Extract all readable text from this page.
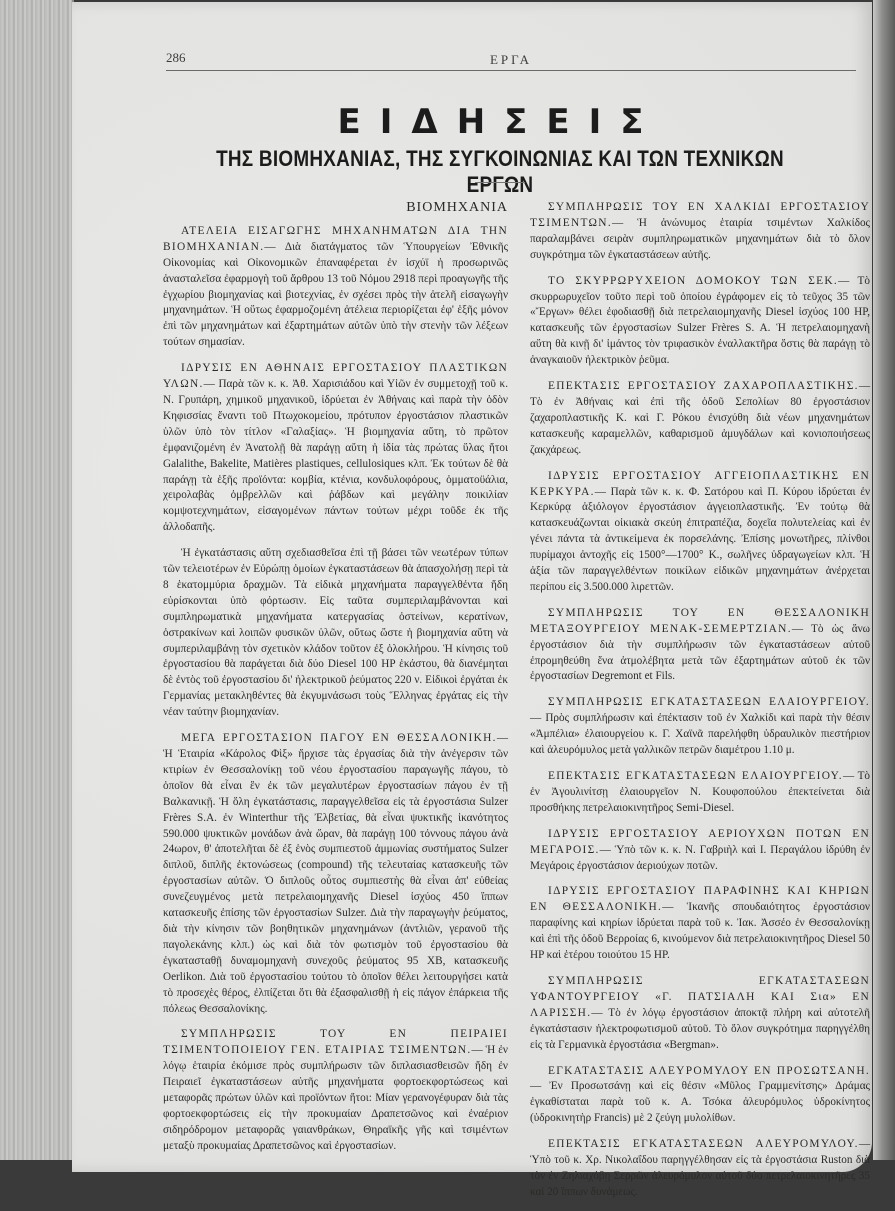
286	ΕΡΓΑ
ΕΙΔΗΣΕΙΣ
ΤΗΣ ΒΙΟΜΗΧΑΝΙΑΣ, ΤΗΣ ΣΥΓΚΟΙΝΩΝΙΑΣ ΚΑΙ ΤΩΝ ΤΕΧΝΙΚΩΝ ΕΡΓΩΝ
ΒΙΟΜΗΧΑΝΙΑ

ΑΤΕΛΕΙΑ ΕΙΣΑΓΩΓΗΣ ΜΗΧΑΝΗΜΑΤΩΝ ΔΙΑ ΤΗΝ ΒΙΟΜΗΧΑΝΙΑΝ.— Διὰ διατάγματος τῶν Ὑπουργείων Ἐθνικῆς Οἰκονομίας καὶ Οἰκονομικῶν ἐπαναφέρεται ἐν ἰσχύϊ ἡ προσωρινῶς ἀνασταλεῖσα ἐφαρμογὴ τοῦ ἄρθρου 13 τοῦ Νόμου 2918 περὶ προαγωγῆς τῆς ἐγχωρίου βιομηχανίας καὶ βιοτεχνίας, ἐν σχέσει πρὸς τὴν ἀτελῆ εἰσαγωγὴν μηχανημάτων. Ἡ οὕτως ἐφαρμοζομένη ἀτέλεια περιορίζεται ἐφ' ἑξῆς μόνον ἐπὶ τῶν μηχανημάτων καὶ ἐξαρτημάτων αὐτῶν ὑπὸ τὴν στενὴν τῶν λέξεων τούτων σημασίαν.

ΙΔΡΥΣΙΣ ΕΝ ΑΘΗΝΑΙΣ ΕΡΓΟΣΤΑΣΙΟΥ ΠΛΑΣΤΙΚΩΝ ΥΛΩΝ.— Παρὰ τῶν κ. κ. Ἀθ. Χαρισιάδου καὶ Υἱῶν ἐν συμμετοχῇ τοῦ κ. Ν. Γρυπάρη, χημικοῦ μηχανικοῦ, ἱδρύεται ἐν Ἀθήναις καὶ παρὰ τὴν ὁδὸν Κηφισσίας ἔναντι τοῦ Πτωχοκομείου, πρότυπον ἐργοστάσιον πλαστικῶν ὑλῶν ὑπὸ τὸν τίτλον «Γαλαξίας». Ἡ βιομηχανία αὕτη, τὸ πρῶτον ἐμφανιζομένη ἐν Ἀνατολῇ θὰ παράγῃ αὕτη ἡ ἰδία τὰς πρώτας ὕλας ἤτοι Galalithe, Bakelite, Matières plastiques, cellulosiques κλπ. Ἐκ τούτων δὲ θὰ παράγῃ τὰ ἑξῆς προϊόντα: κομβία, κτένια, κονδυλοφόρους, ὀμματοϋάλια, χειρολαβὰς ὀμβρελλῶν καὶ ῥάβδων καὶ μεγάλην ποικιλίαν κομψοτεχνημάτων, εἰσαγομένων πάντων τούτων μέχρι τοῦδε ἐκ τῆς ἀλλοδαπῆς.

Ἡ ἐγκατάστασις αὕτη σχεδιασθεῖσα ἐπὶ τῇ βάσει τῶν νεωτέρων τύπων τῶν τελειοτέρων ἐν Εὐρώπῃ ὁμοίων ἐγκαταστάσεων θὰ ἀπασχολήσῃ περὶ τὰ 8 ἑκατομμύρια δραχμῶν. Τὰ εἰδικὰ μηχανήματα παραγγελθέντα ἤδη εὑρίσκονται ὑπὸ φόρτωσιν. Εἰς ταῦτα συμπεριλαμβάνονται καὶ συμπληρωματικὰ μηχανήματα κατεργασίας ὀστείνων, κερατίνων, ὀστρακίνων καὶ λοιπῶν φυσικῶν ὑλῶν, οὕτως ὥστε ἡ βιομηχανία αὕτη νὰ συμπεριλαμβάνῃ τὸν σχετικὸν κλάδον τοῦτον ἐξ ὁλοκλήρου. Ἡ κίνησις τοῦ ἐργοστασίου θὰ παράγεται διὰ δύο Diesel 100 HP ἑκάστου, θὰ διανέμηται δὲ ἐντὸς τοῦ ἐργοστασίου δι' ἠλεκτρικοῦ ῥεύματος 220 ν. Εἰδικοὶ ἐργάται ἐκ Γερμανίας μετακληθέντες θὰ ἐκγυμνάσωσι τοὺς Ἕλληνας ἐργάτας εἰς τὴν νέαν ταύτην βιομηχανίαν.

ΜΕΓΑ ΕΡΓΟΣΤΑΣΙΟΝ ΠΑΓΟΥ ΕΝ ΘΕΣΣΑΛΟΝΙΚΗ.— Ἡ Ἑταιρία «Κάρολος Φὶξ» ἤρχισε τὰς ἐργασίας διὰ τὴν ἀνέγερσιν τῶν κτιρίων ἐν Θεσσαλονίκῃ τοῦ νέου ἐργοστασίου παραγωγῆς πάγου, τὸ ὁποῖον θὰ εἶναι ἓν ἐκ τῶν μεγαλυτέρων ἐργοστασίων πάγου ἐν τῇ Βαλκανικῇ. Ἡ ὅλη ἐγκατάστασις, παραγγελθεῖσα εἰς τὰ ἐργοστάσια Sulzer Frères S.A. ἐν Winterthur τῆς Ἐλβετίας, θὰ εἶναι ψυκτικῆς ἱκανότητος 590.000 ψυκτικῶν μονάδων ἀνὰ ὥραν, θὰ παράγῃ 100 τόννους πάγου ἀνὰ 24ωρον, θ' ἀποτελῆται δὲ ἐξ ἑνὸς συμπιεστοῦ ἀμμωνίας συστήματος Sulzer διπλοῦ, διπλῆς ἐκτονώσεως (compound) τῆς τελευταίας κατασκευῆς τῶν ἐργοστασίων αὐτῶν. Ὁ διπλοῦς οὗτος συμπιεστὴς θὰ εἶναι ἀπ' εὐθείας συνεζευγμένος μετὰ πετρελαιομηχανῆς Diesel ἰσχύος 450 ἵππων κατασκευῆς ἐπίσης τῶν ἐργοστασίων Sulzer. Διὰ τὴν παραγωγὴν ῥεύματος, διὰ τὴν κίνησιν τῶν βοηθητικῶν μηχανημάνων (ἀντλιῶν, γερανοῦ τῆς παγολεκάνης κλπ.) ὡς καὶ διὰ τὸν φωτισμὸν τοῦ ἐργοστασίου θὰ ἐγκατασταθῇ δυναμομηχανὴ συνεχοῦς ῥεύματος 95 ΧΒ, κατασκευῆς Oerlikon. Διὰ τοῦ ἐργοστασίου τούτου τὸ ὁποῖον θέλει λειτουργήσει κατὰ τὸ προσεχὲς θέρος, ἐλπίζεται ὅτι θὰ ἐξασφαλισθῇ ἡ εἰς πάγον ἐπάρκεια τῆς πόλεως Θεσσαλονίκης.

ΣΥΜΠΛΗΡΩΣΙΣ ΤΟΥ ΕΝ ΠΕΙΡΑΙΕΙ ΤΣΙΜΕΝΤΟΠΟΙΕΙΟΥ ΓΕΝ. ΕΤΑΙΡΙΑΣ ΤΣΙΜΕΝΤΩΝ.— Ἡ ἐν λόγῳ ἑταιρία ἐκόμισε πρὸς συμπλήρωσιν τῶν διπλασιασθεισῶν ἤδη ἐν Πειραιεῖ ἐγκαταστάσεων αὐτῆς μηχανήματα φορτοεκφορτώσεως καὶ μεταφορᾶς πρώτων ὑλῶν καὶ προϊόντων ἤτοι: Μίαν γερανογέφυραν διὰ τὰς φορτοεκφορτώσεις εἰς τὴν προκυμαίαν Δραπετσῶνος καὶ ἐναέριον σιδηρόδρομον μεταφορᾶς γαιανθράκων, Θηραϊκῆς γῆς καὶ τσιμέντων μεταξὺ προκυμαίας Δραπετσῶνος καὶ ἐργοστασίων.

ΣΥΜΠΛΗΡΩΣΙΣ ΤΟΥ ΕΝ ΧΑΛΚΙΔΙ ΕΡΓΟΣΤΑΣΙΟΥ ΤΣΙΜΕΝΤΩΝ.— Ἡ ἀνώνυμος ἑταιρία τσιμέντων Χαλκίδος παραλαμβάνει σειρὰν συμπληρωματικῶν μηχανημάτων διὰ τὸ ὅλον συγκρότημα τῶν ἐγκαταστάσεων αὐτῆς.

ΤΟ ΣΚΥΡΡΩΡΥΧΕΙΟΝ ΔΟΜΟΚΟΥ ΤΩΝ ΣΕΚ.— Τὸ σκυρρωρυχεῖον τοῦτο περὶ τοῦ ὁποίου ἐγράφομεν εἰς τὸ τεῦχος 35 τῶν «Ἔργων» θέλει ἐφοδιασθῇ διὰ πετρελαιομηχανῆς Diesel ἰσχύος 100 HP, κατασκευῆς τῶν ἐργοστασίων Sulzer Frères S. A. Ἡ πετρελαιομηχανὴ αὕτη θὰ κινῇ δι' ἱμάντος τὸν τριφασικὸν ἐναλλακτῆρα ὅστις θὰ παράγῃ τὸ ἀναγκαιοῦν ἠλεκτρικὸν ῥεῦμα.

ΕΠΕΚΤΑΣΙΣ ΕΡΓΟΣΤΑΣΙΟΥ ΖΑΧΑΡΟΠΛΑΣΤΙΚΗΣ.— Τὸ ἐν Ἀθήναις καὶ ἐπὶ τῆς ὁδοῦ Σεπολίων 80 ἐργοστάσιον ζαχαροπλαστικῆς Κ. καὶ Γ. Ρόκου ἐνισχύθη διὰ νέων μηχανημάτων κατασκευῆς καραμελλῶν, καθαρισμοῦ ἀμυγδάλων καὶ κονιοποιήσεως ζακχάρεως.

ΙΔΡΥΣΙΣ ΕΡΓΟΣΤΑΣΙΟΥ ΑΓΓΕΙΟΠΛΑΣΤΙΚΗΣ ΕΝ ΚΕΡΚΥΡΑ.— Παρὰ τῶν κ. κ. Φ. Σατόρου καὶ Π. Κύρου ἱδρύεται ἐν Κερκύρᾳ ἀξιόλογον ἐργοστάσιον ἀγγειοπλαστικῆς. Ἐν τούτῳ θὰ κατασκευάζωνται οἰκιακὰ σκεύη ἐπιτραπέζια, δοχεῖα πολυτελείας καὶ ἐν γένει πάντα τὰ ἀντικείμενα ἐκ πορσελάνης. Ἐπίσης μονωτῆρες, πλίνθοι πυρίμαχοι ἀντοχῆς εἰς 1500°—1700° Κ., σωλῆνες ὑδραγωγείων κλπ. Ἡ ἀξία τῶν παραγγελθέντων ποικίλων εἰδικῶν μηχανημάτων ἀνέρχεται περίπου εἰς 3.500.000 λιρεττῶν.

ΣΥΜΠΛΗΡΩΣΙΣ ΤΟΥ ΕΝ ΘΕΣΣΑΛΟΝΙΚΗ ΜΕΤΑΞΟΥΡΓΕΙΟΥ ΜΕΝΑΚ-ΣΕΜΕΡΤΖΙΑΝ.— Τὸ ὡς ἄνω ἐργοστάσιον διὰ τὴν συμπλήρωσιν τῶν ἐγκαταστάσεων αὐτοῦ ἐπρομηθεύθη ἕνα ἀτμολέβητα μετὰ τῶν ἐξαρτημάτων αὐτοῦ ἐκ τῶν ἐργοστασίων Degremont et Fils.

ΣΥΜΠΛΗΡΩΣΙΣ ΕΓΚΑΤΑΣΤΑΣΕΩΝ ΕΛΑΙΟΥΡΓΕΙΟΥ.— Πρὸς συμπλήρωσιν καὶ ἐπέκτασιν τοῦ ἐν Χαλκίδι καὶ παρὰ τὴν θέσιν «Ἀμπέλια» ἐλαιουργείου κ. Γ. Χαϊνᾶ παρελήφθη ὑδραυλικὸν πιεστήριον καὶ ἀλευρόμυλος μετὰ γαλλικῶν πετρῶν διαμέτρου 1.10 μ.

ΕΠΕΚΤΑΣΙΣ ΕΓΚΑΤΑΣΤΑΣΕΩΝ ΕΛΑΙΟΥΡΓΕΙΟΥ.— Τὸ ἐν Ἀγουλινίτσῃ ἐλαιουργεῖον Ν. Κουφοπούλου ἐπεκτείνεται διὰ προσθήκης πετρελαιοκινητῆρος Semi-Diesel.

ΙΔΡΥΣΙΣ ΕΡΓΟΣΤΑΣΙΟΥ ΑΕΡΙΟΥΧΩΝ ΠΟΤΩΝ ΕΝ ΜΕΓΑΡΟΙΣ.— Ὑπὸ τῶν κ. κ. Ν. Γαβριὴλ καὶ Ι. Περαγάλου ἱδρύθη ἐν Μεγάροις ἐργοστάσιον ἀεριούχων ποτῶν.

ΙΔΡΥΣΙΣ ΕΡΓΟΣΤΑΣΙΟΥ ΠΑΡΑΦΙΝΗΣ ΚΑΙ ΚΗΡΙΩΝ ΕΝ ΘΕΣΣΑΛΟΝΙΚΗ.— Ἱκανῆς σπουδαιότητος ἐργοστάσιον παραφίνης καὶ κηρίων ἱδρύεται παρὰ τοῦ κ. Ἰακ. Ἀσσέο ἐν Θεσσαλονίκῃ καὶ ἐπὶ τῆς ὁδοῦ Βερροίας 6, κινούμενον διὰ πετρελαιοκινητῆρος Diesel 50 HP καὶ ἑτέρου τοιούτου 15 HP.

ΣΥΜΠΛΗΡΩΣΙΣ ΕΓΚΑΤΑΣΤΑΣΕΩΝ ΥΦΑΝΤΟΥΡΓΕΙΟΥ «Γ. ΠΑΤΣΙΑΛΗ ΚΑΙ Σια» ΕΝ ΛΑΡΙΣΣΗ.— Τὸ ἐν λόγῳ ἐργοστάσιον ἀποκτᾷ πλήρη καὶ αὐτοτελῆ ἐγκατάστασιν ἠλεκτροφωτισμοῦ αὐτοῦ. Τὸ ὅλον συγκρότημα παρηγγέλθη εἰς τὰ Γερμανικὰ ἐργοστάσια «Bergman».

ΕΓΚΑΤΑΣΤΑΣΙΣ ΑΛΕΥΡΟΜΥΛΟΥ ΕΝ ΠΡΟΣΩΤΣΑΝΗ.— Ἐν Προσωτσάνῃ καὶ εἰς θέσιν «Μῦλος Γραμμενίτσης» Δράμας ἐγκαθίσταται παρὰ τοῦ κ. Α. Τσόκα ἀλευρόμυλος ὑδροκίνητος (ὑδροκινητὴρ Francis) μὲ 2 ζεύγη μυλολίθων.

ΕΠΕΚΤΑΣΙΣ ΕΓΚΑΤΑΣΤΑΣΕΩΝ ΑΛΕΥΡΟΜΥΛΟΥ.— Ὑπὸ τοῦ κ. Χρ. Νικολαΐδου παρηγγέλθησαν εἰς τὰ ἐργοστάσια Ruston διὰ τὸν ἐν Ζηλιαχόβῃ Σερρῶν ἀλευρόμυλον αὐτοῦ δύο πετρελαιοκινητῆρες 35 καὶ 20 ἵππων δυνάμεως.
